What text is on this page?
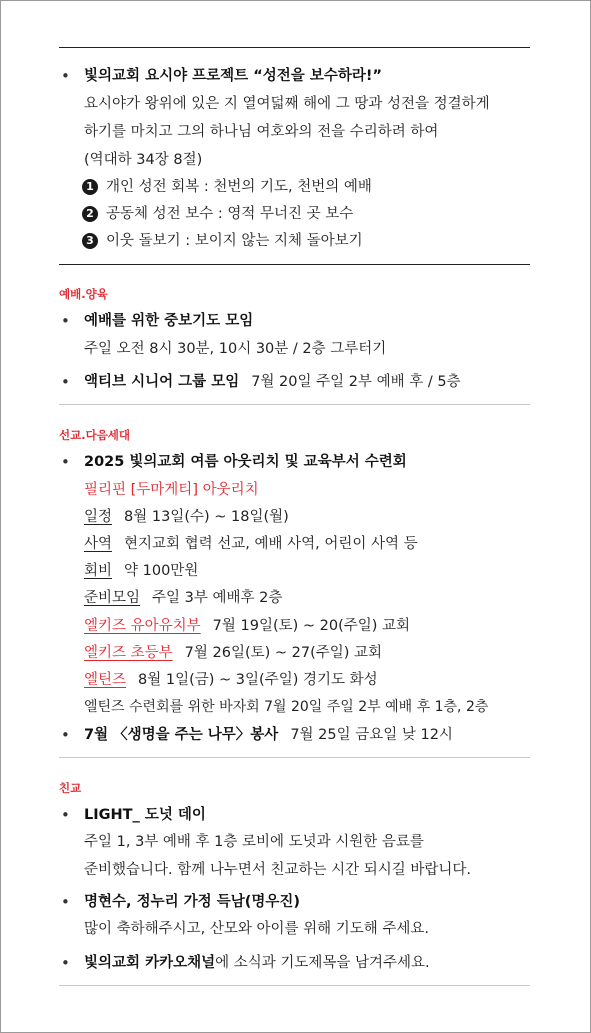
• 빛의교회 요시야 프로젝트 “성전을 보수하라!”
요시야가 왕위에 있은 지 열여덟째 해에 그 땅과 성전을 정결하게
하기를 마치고 그의 하나님 여호와의 전을 수리하려 하여
(역대하 34장 8절)
1 개인 성전 회복 : 천번의 기도, 천번의 예배
2 공동체 성전 보수 : 영적 무너진 곳 보수
3 이웃 돌보기 : 보이지 않는 지체 돌아보기
예배.양육
• 예배를 위한 중보기도 모임
주일 오전 8시 30분, 10시 30분 / 2층 그루터기
• 액티브 시니어 그룹 모임 7월 20일 주일 2부 예배 후 / 5층
선교.다음세대
• 2025 빛의교회 여름 아웃리치 및 교육부서 수련회
필리핀 [두마게티] 아웃리치
일정 8월 13일(수) ~ 18일(월)
사역 현지교회 협력 선교, 예배 사역, 어린이 사역 등
회비 약 100만원
준비모임 주일 3부 예배후 2층
엘키즈 유아유치부 7월 19일(토) ~ 20(주일) 교회
엘키즈 초등부 7월 26일(토) ~ 27(주일) 교회
엘틴즈 8월 1일(금) ~ 3일(주일) 경기도 화성
엘틴즈 수련회를 위한 바자회 7월 20일 주일 2부 예배 후 1층, 2층
• 7월 〈생명을 주는 나무〉봉사 7월 25일 금요일 낮 12시
친교
• LIGHT_ 도넛 데이
주일 1, 3부 예배 후 1층 로비에 도넛과 시원한 음료를
준비했습니다. 함께 나누면서 친교하는 시간 되시길 바랍니다.
• 명현수, 정누리 가정 득남(명우진)
많이 축하해주시고, 산모와 아이를 위해 기도해 주세요.
• 빛의교회 카카오채널에 소식과 기도제목을 남겨주세요.
